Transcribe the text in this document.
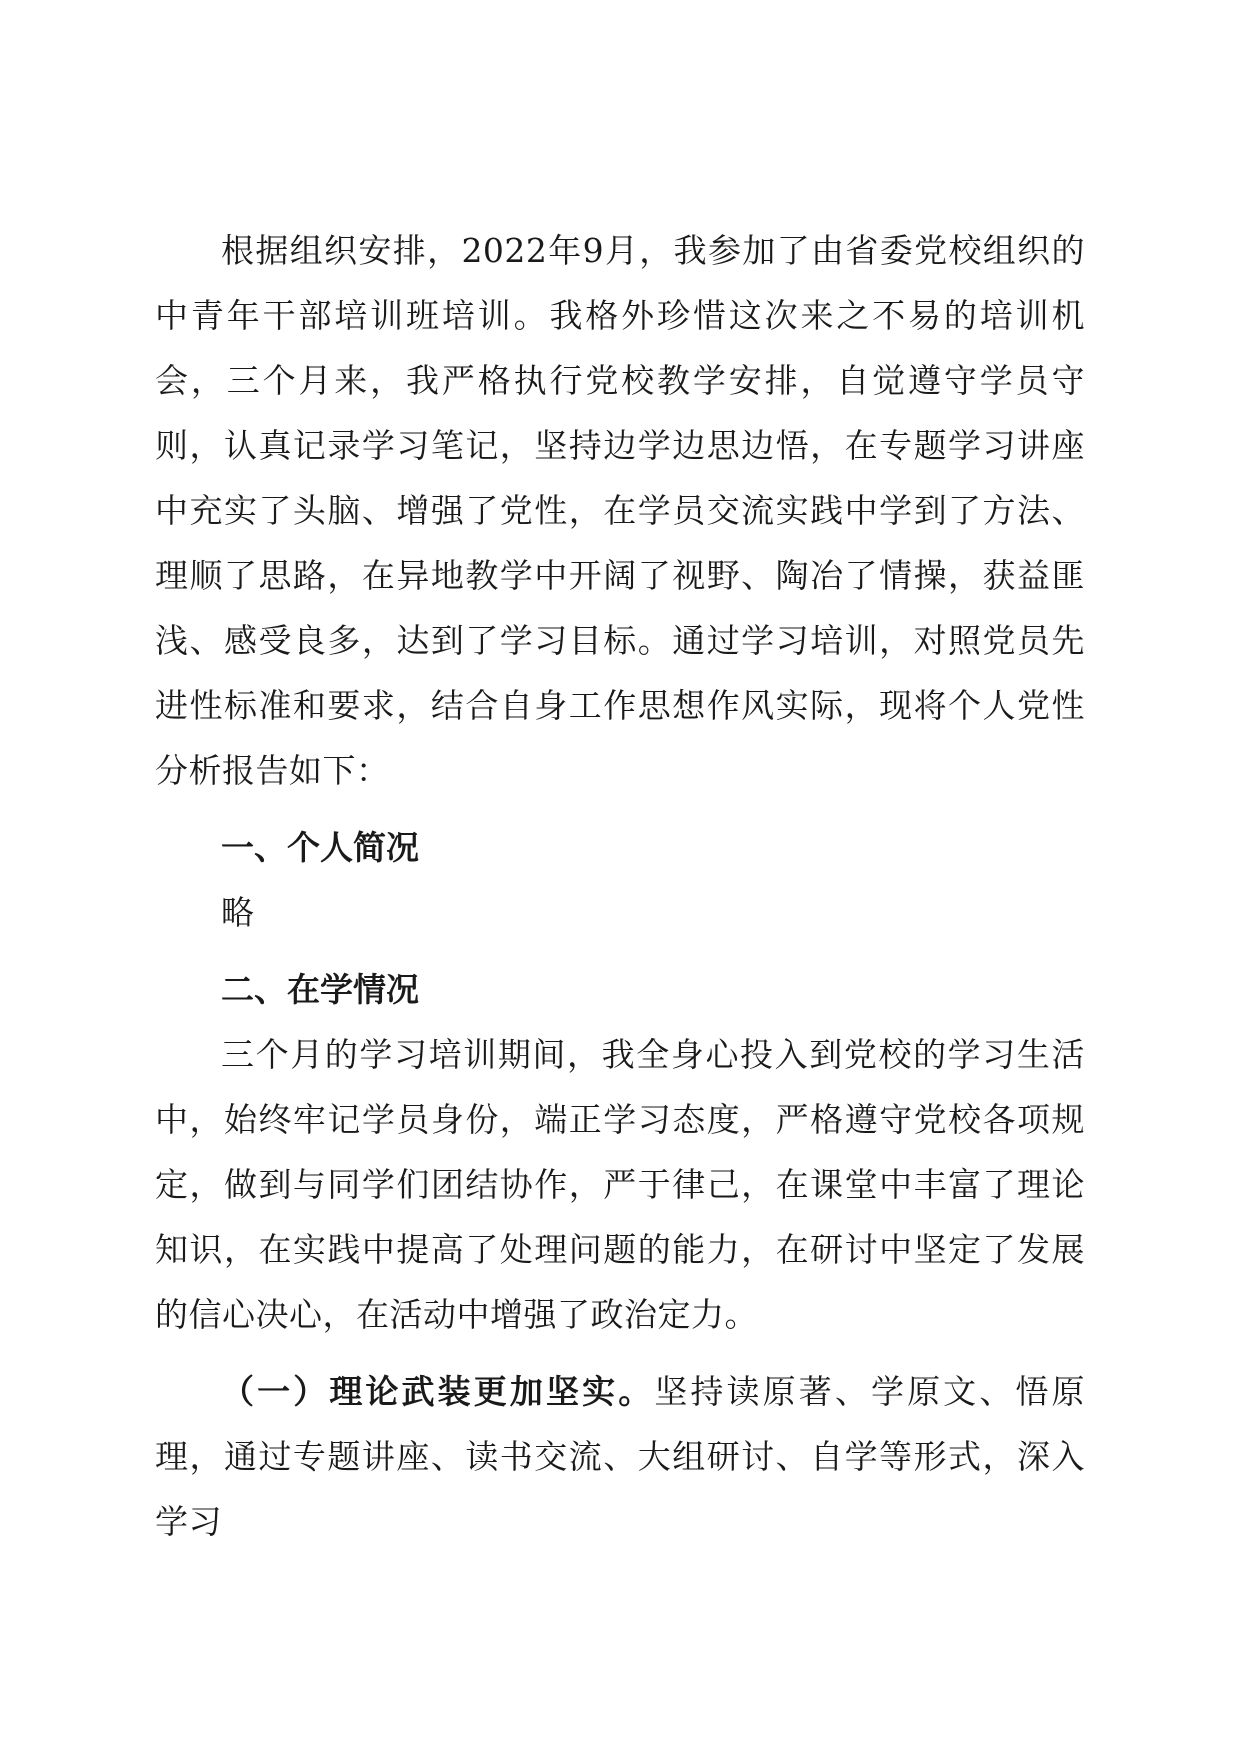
根据组织安排，2022年9月，我参加了由省委党校组织的中青年干部培训班培训。我格外珍惜这次来之不易的培训机会，三个月来，我严格执行党校教学安排，自觉遵守学员守则，认真记录学习笔记，坚持边学边思边悟，在专题学习讲座中充实了头脑、增强了党性，在学员交流实践中学到了方法、理顺了思路，在异地教学中开阔了视野、陶冶了情操，获益匪浅、感受良多，达到了学习目标。通过学习培训，对照党员先进性标准和要求，结合自身工作思想作风实际，现将个人党性分析报告如下：

一、个人简况

略

二、在学情况

三个月的学习培训期间，我全身心投入到党校的学习生活中，始终牢记学员身份，端正学习态度，严格遵守党校各项规定，做到与同学们团结协作，严于律己，在课堂中丰富了理论知识，在实践中提高了处理问题的能力，在研讨中坚定了发展的信心决心，在活动中增强了政治定力。

（一）理论武装更加坚实。坚持读原著、学原文、悟原理，通过专题讲座、读书交流、大组研讨、自学等形式，深入学习
